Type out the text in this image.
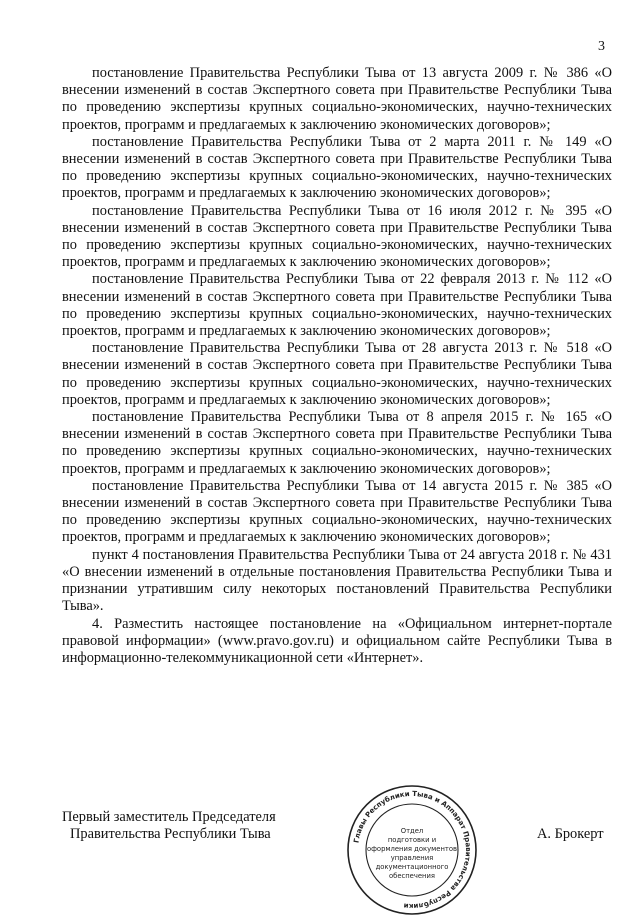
3

постановление Правительства Республики Тыва от 13 августа 2009 г. № 386 «О внесении изменений в состав Экспертного совета при Правительстве Республики Тыва по проведению экспертизы крупных социально-экономических, научно-технических проектов, программ и предлагаемых к заключению экономических договоров»;

постановление Правительства Республики Тыва от 2 марта 2011 г. № 149 «О внесении изменений в состав Экспертного совета при Правительстве Республики Тыва по проведению экспертизы крупных социально-экономических, научно-технических проектов, программ и предлагаемых к заключению экономических договоров»;

постановление Правительства Республики Тыва от 16 июля 2012 г. № 395 «О внесении изменений в состав Экспертного совета при Правительстве Республики Тыва по проведению экспертизы крупных социально-экономических, научно-технических проектов, программ и предлагаемых к заключению экономических договоров»;

постановление Правительства Республики Тыва от 22 февраля 2013 г. № 112 «О внесении изменений в состав Экспертного совета при Правительстве Республики Тыва по проведению экспертизы крупных социально-экономических, научно-технических проектов, программ и предлагаемых к заключению экономических договоров»;

постановление Правительства Республики Тыва от 28 августа 2013 г. № 518 «О внесении изменений в состав Экспертного совета при Правительстве Республики Тыва по проведению экспертизы крупных социально-экономических, научно-технических проектов, программ и предлагаемых к заключению экономических договоров»;

постановление Правительства Республики Тыва от 8 апреля 2015 г. № 165 «О внесении изменений в состав Экспертного совета при Правительстве Республики Тыва по проведению экспертизы крупных социально-экономических, научно-технических проектов, программ и предлагаемых к заключению экономических договоров»;

постановление Правительства Республики Тыва от 14 августа 2015 г. № 385 «О внесении изменений в состав Экспертного совета при Правительстве Республики Тыва по проведению экспертизы крупных социально-экономических, научно-технических проектов, программ и предлагаемых к заключению экономических договоров»;

пункт 4 постановления Правительства Республики Тыва от 24 августа 2018 г. № 431 «О внесении изменений в отдельные постановления Правительства Республики Тыва и признании утратившим силу некоторых постановлений Правительства Республики Тыва».

4. Разместить настоящее постановление на «Официальном интернет-портале правовой информации» (www.pravo.gov.ru) и официальном сайте Республики Тыва в информационно-телекоммуникационной сети «Интернет».

Первый заместитель Председателя
Правительства Республики Тыва	А. Брокерт
Главы Республики Тыва и Аппарат Правительства Республики
Отдел
подготовки и
оформления документов
управления
документационного
обеспечения
